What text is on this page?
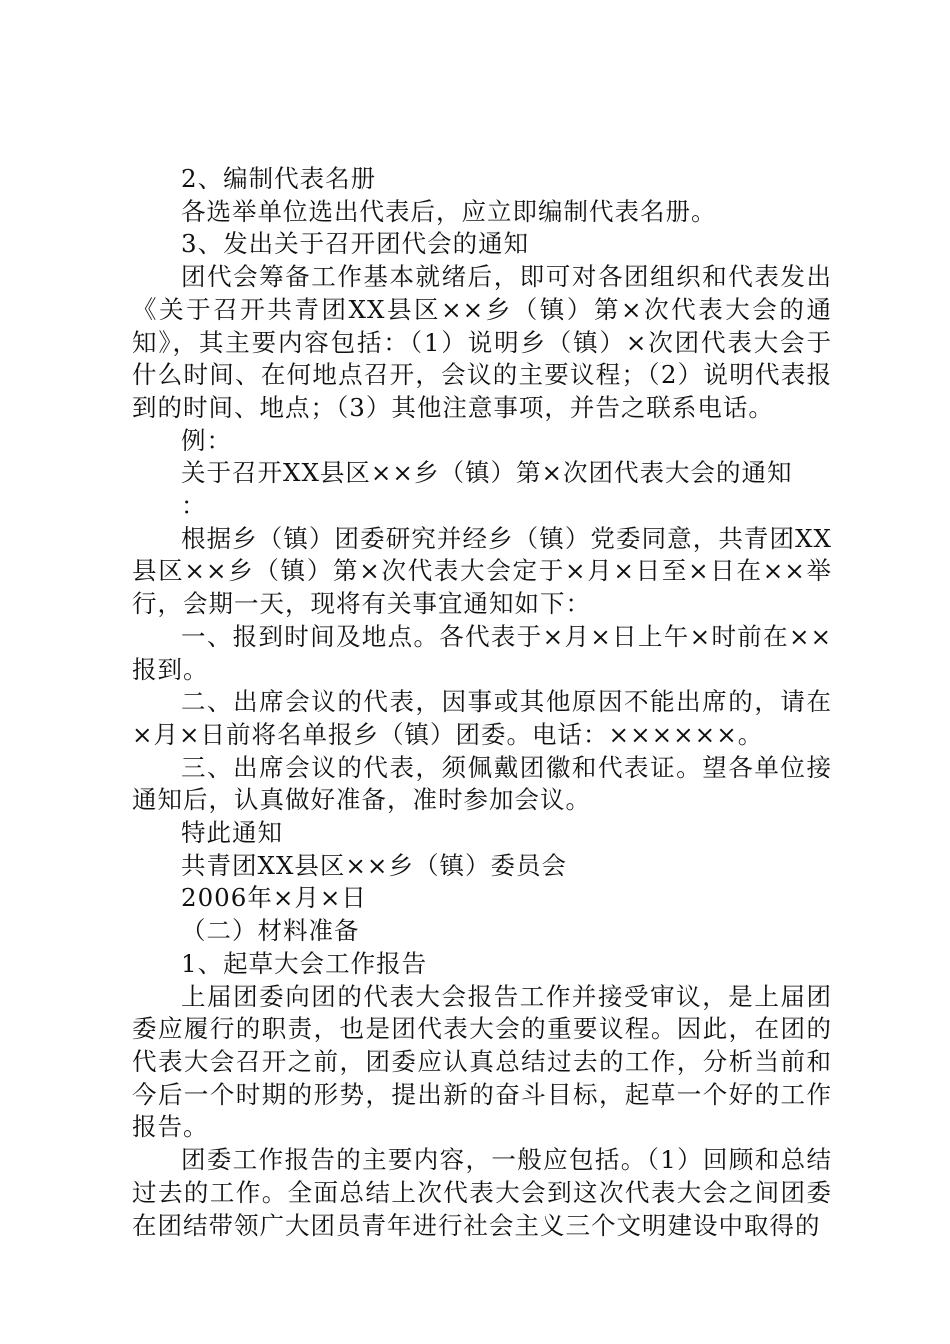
2、编制代表名册

各选举单位选出代表后，应立即编制代表名册。

3、发出关于召开团代会的通知

团代会筹备工作基本就绪后，即可对各团组织和代表发出《关于召开共青团XX县区××乡（镇）第×次代表大会的通知》，其主要内容包括：（1）说明乡（镇）×次团代表大会于什么时间、在何地点召开，会议的主要议程；（2）说明代表报到的时间、地点；（3）其他注意事项，并告之联系电话。

例：

关于召开XX县区××乡（镇）第×次团代表大会的通知

：

根据乡（镇）团委研究并经乡（镇）党委同意，共青团XX县区××乡（镇）第×次代表大会定于×月×日至×日在××举行，会期一天，现将有关事宜通知如下：

一、报到时间及地点。各代表于×月×日上午×时前在××报到。

二、出席会议的代表，因事或其他原因不能出席的，请在×月×日前将名单报乡（镇）团委。电话：××××××。

三、出席会议的代表，须佩戴团徽和代表证。望各单位接通知后，认真做好准备，准时参加会议。

特此通知

共青团XX县区××乡（镇）委员会

2006年×月×日

（二）材料准备

1、起草大会工作报告

上届团委向团的代表大会报告工作并接受审议，是上届团委应履行的职责，也是团代表大会的重要议程。因此，在团的代表大会召开之前，团委应认真总结过去的工作，分析当前和今后一个时期的形势，提出新的奋斗目标，起草一个好的工作报告。

团委工作报告的主要内容，一般应包括。（1）回顾和总结过去的工作。全面总结上次代表大会到这次代表大会之间团委在团结带领广大团员青年进行社会主义三个文明建设中取得的
